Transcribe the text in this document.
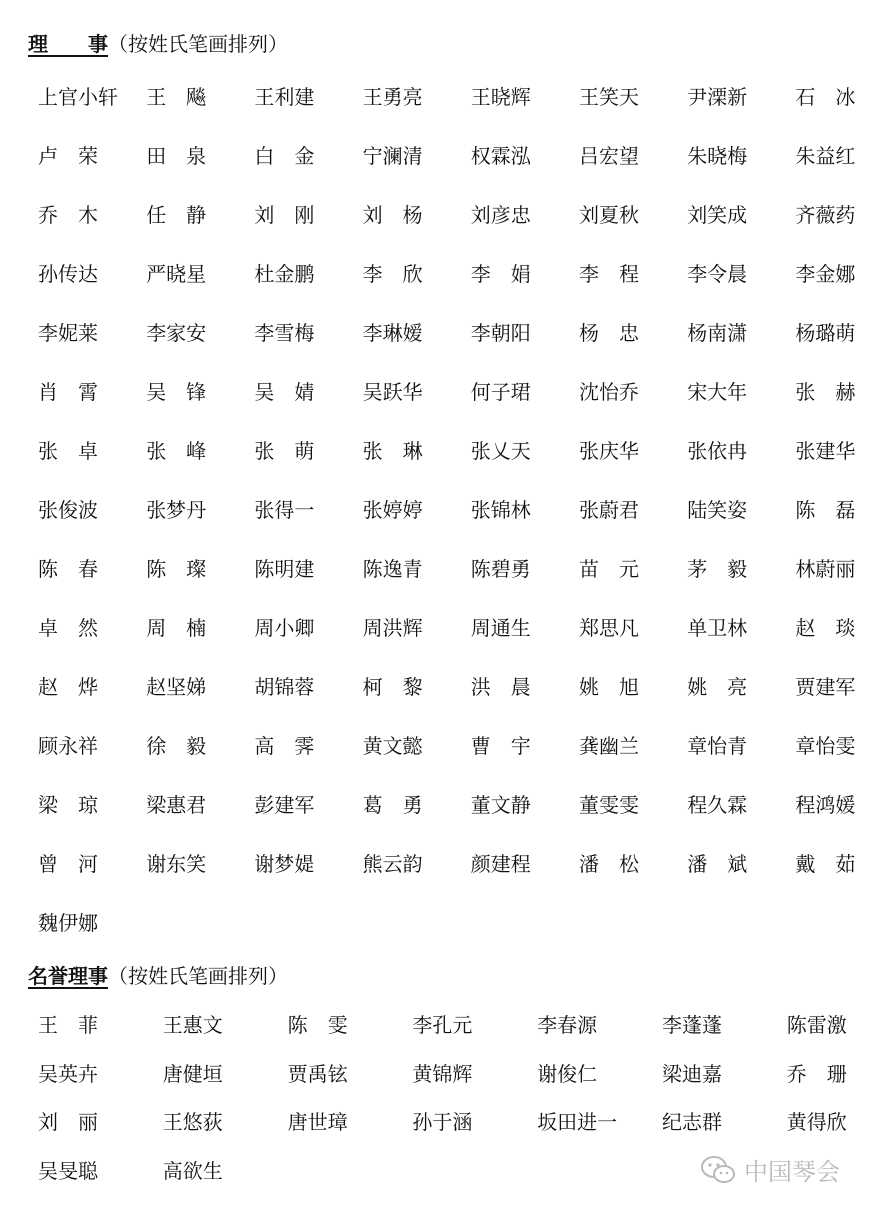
理　　事（按姓氏笔画排列）
上官小轩 王　飚 王利建 王勇亮 王晓辉 王笑天 尹溧新 石　冰
卢　荣 田　泉 白　金 宁澜清 权霖泓 吕宏望 朱晓梅 朱益红
乔　木 任　静 刘　刚 刘　杨 刘彦忠 刘夏秋 刘笑成 齐薇药
孙传达 严晓星 杜金鹏 李　欣 李　娟 李　程 李令晨 李金娜
李妮莱 李家安 李雪梅 李琳嫒 李朝阳 杨　忠 杨南潇 杨璐萌
肖　霄 吴　锋 吴　婧 吴跃华 何子珺 沈怡乔 宋大年 张　赫
张　卓 张　峰 张　萌 张　琳 张乂天 张庆华 张依冉 张建华
张俊波 张梦丹 张得一 张婷婷 张锦林 张蔚君 陆笑姿 陈　磊
陈　春 陈　璨 陈明建 陈逸青 陈碧勇 苗　元 茅　毅 林蔚丽
卓　然 周　楠 周小卿 周洪辉 周通生 郑思凡 单卫林 赵　琰
赵　烨 赵坚娣 胡锦蓉 柯　黎 洪　晨 姚　旭 姚　亮 贾建军
顾永祥 徐　毅 高　霁 黄文懿 曹　宇 龚幽兰 章怡青 章怡雯
梁　琼 梁惠君 彭建军 葛　勇 董文静 董雯雯 程久霖 程鸿媛
曾　河 谢东笑 谢梦媞 熊云韵 颜建程 潘　松 潘　斌 戴　茹
魏伊娜
名誉理事（按姓氏笔画排列）
王　菲	王惠文	陈　雯	李孔元	李春源	李蓬蓬	陈雷激
吴英卉	唐健垣	贾禹铉	黄锦辉	谢俊仁	梁迪嘉	乔　珊
刘　丽	王悠荻	唐世璋	孙于涵	坂田进一 纪志群	黄得欣
吴旻聪	高欲生	中国琴会
